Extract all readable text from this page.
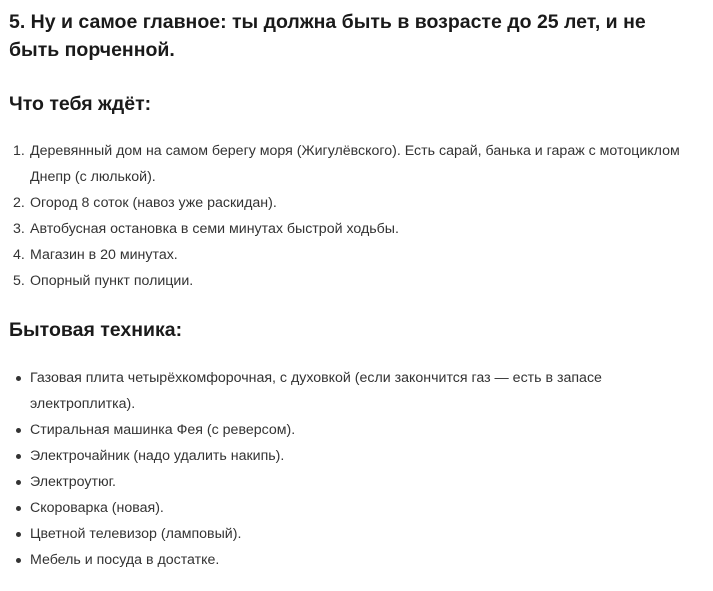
5. Ну и самое главное: ты должна быть в возрасте до 25 лет, и не быть порченной.
Что тебя ждёт:
1. Деревянный дом на самом берегу моря (Жигулёвского). Есть сарай, банька и гараж с мотоциклом Днепр (с люлькой).
2. Огород 8 соток (навоз уже раскидан).
3. Автобусная остановка в семи минутах быстрой ходьбы.
4. Магазин в 20 минутах.
5. Опорный пункт полиции.
Бытовая техника:
Газовая плита четырёхкомфорочная, с духовкой (если закончится газ — есть в запасе электроплитка).
Стиральная машинка Фея (с реверсом).
Электрочайник (надо удалить накипь).
Электроутюг.
Скороварка (новая).
Цветной телевизор (ламповый).
Мебель и посуда в достатке.
